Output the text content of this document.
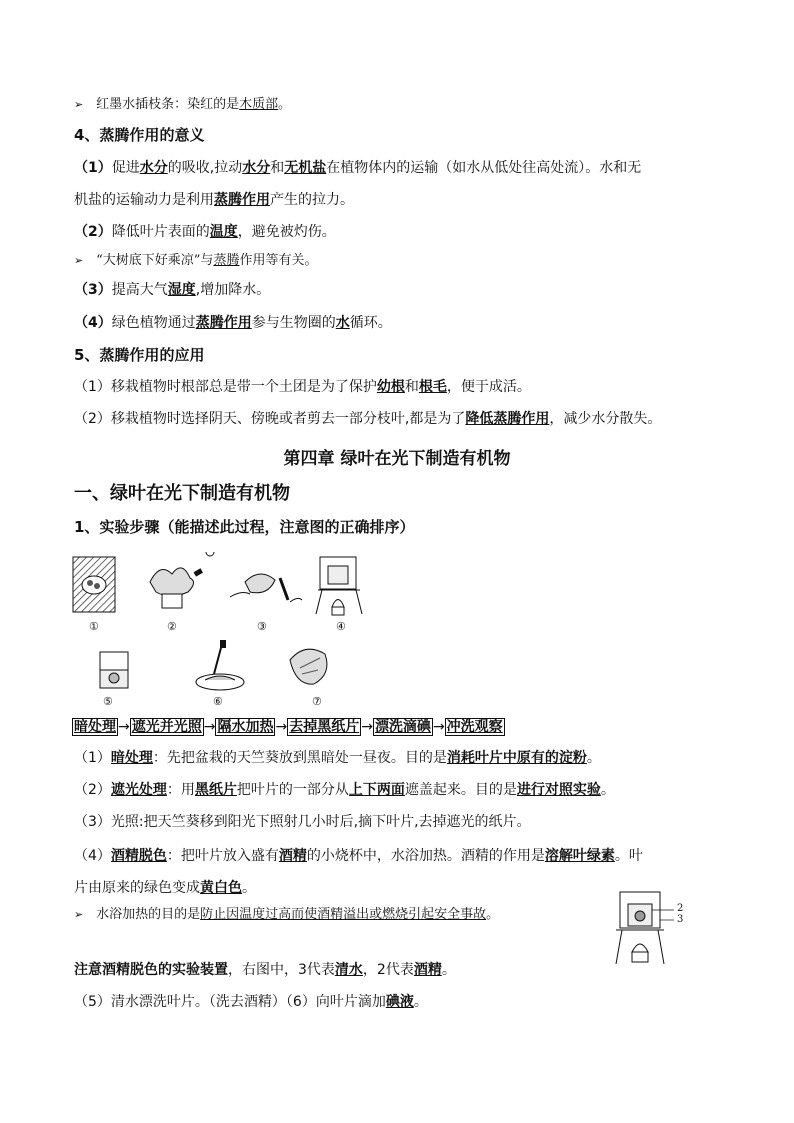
➢ 红墨水插枝条：染红的是木质部。
4、蒸腾作用的意义
（1）促进水分的吸收,拉动水分和无机盐在植物体内的运输（如水从低处往高处流）。水和无
机盐的运输动力是利用蒸腾作用产生的拉力。
（2）降低叶片表面的温度，避免被灼伤。
➢ “大树底下好乘凉”与蒸腾作用等有关。
（3）提高大气湿度,增加降水。
（4）绿色植物通过蒸腾作用参与生物圈的水循环。
5、蒸腾作用的应用
（1）移栽植物时根部总是带一个土团是为了保护幼根和根毛，便于成活。
（2）移栽植物时选择阴天、傍晚或者剪去一部分枝叶,都是为了降低蒸腾作用，减少水分散失。
第四章 绿叶在光下制造有机物
一、绿叶在光下制造有机物
1、实验步骤（能描述此过程，注意图的正确排序）
①	②	③	④
⑤	⑥	⑦
暗处理 → 遮光并光照 → 隔水加热 → 去掉黑纸片 → 漂洗滴碘 → 冲洗观察
（1）暗处理：先把盆栽的天竺葵放到黑暗处一昼夜。目的是消耗叶片中原有的淀粉。
（2）遮光处理：用黑纸片把叶片的一部分从上下两面遮盖起来。目的是进行对照实验。
（3）光照:把天竺葵移到阳光下照射几小时后,摘下叶片,去掉遮光的纸片。
（4）酒精脱色：把叶片放入盛有酒精的小烧杯中，水浴加热。酒精的作用是溶解叶绿素。叶
片由原来的绿色变成黄白色。
➢ 水浴加热的目的是防止因温度过高而使酒精溢出或燃烧引起安全事故。	2
3
注意酒精脱色的实验装置，右图中，3代表清水，2代表酒精。
（5）清水漂洗叶片。（洗去酒精）（6）向叶片滴加碘液。
